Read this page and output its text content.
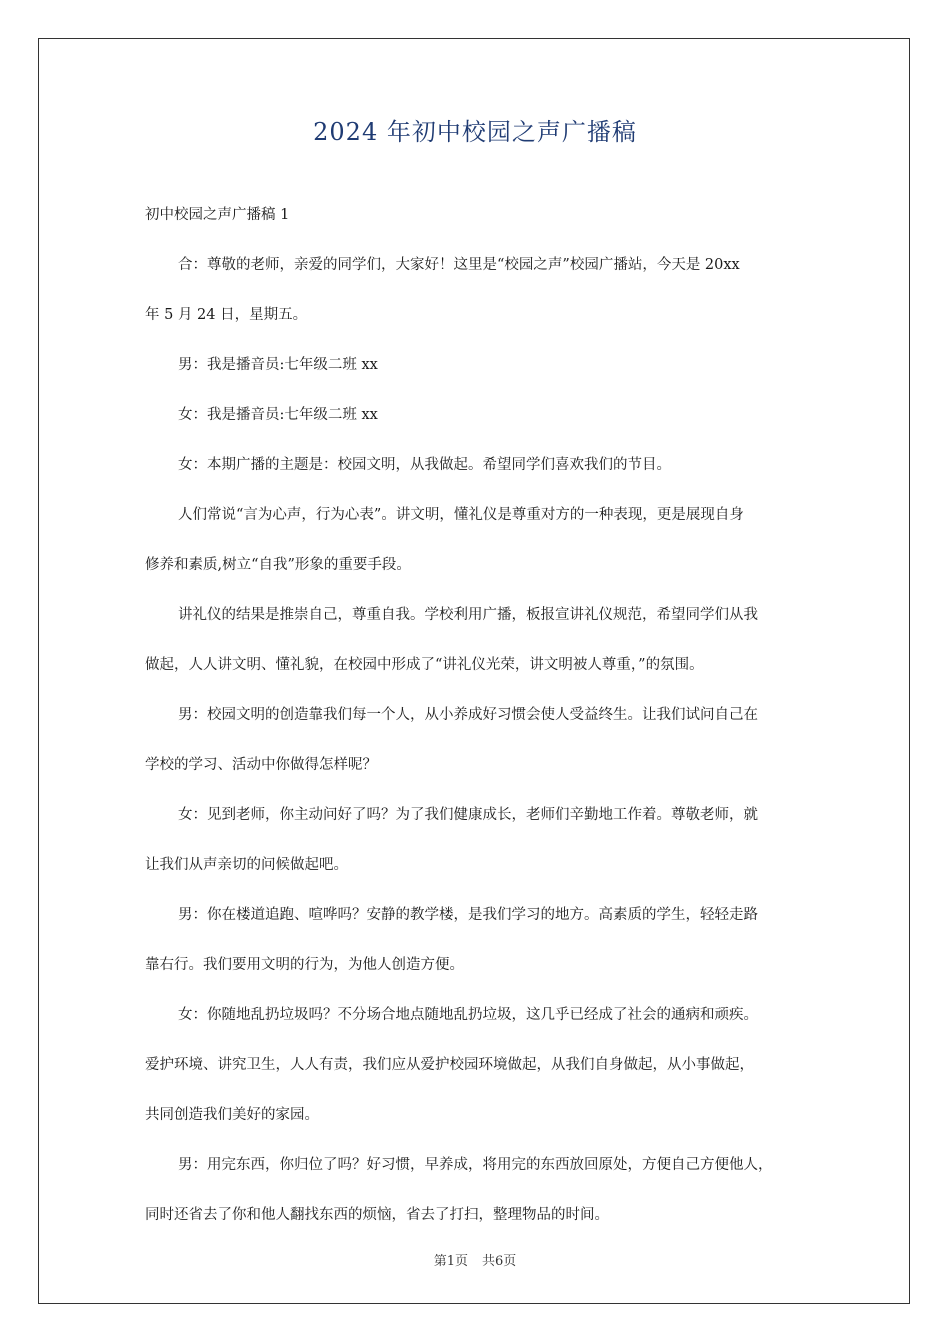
2024 年初中校园之声广播稿
初中校园之声广播稿 1
合：尊敬的老师，亲爱的同学们，大家好！这里是“校园之声”校园广播站，今天是 20xx
年 5 月 24 日，星期五。
男：我是播音员:七年级二班 xx
女：我是播音员:七年级二班 xx
女：本期广播的主题是：校园文明，从我做起。希望同学们喜欢我们的节目。
人们常说“言为心声，行为心表”。讲文明，懂礼仪是尊重对方的一种表现，更是展现自身
修养和素质,树立“自我”形象的重要手段。
讲礼仪的结果是推崇自己，尊重自我。学校利用广播，板报宣讲礼仪规范，希望同学们从我
做起，人人讲文明、懂礼貌，在校园中形成了“讲礼仪光荣，讲文明被人尊重，”的氛围。
男：校园文明的创造靠我们每一个人，从小养成好习惯会使人受益终生。让我们试问自己在
学校的学习、活动中你做得怎样呢？
女：见到老师，你主动问好了吗？为了我们健康成长，老师们辛勤地工作着。尊敬老师，就
让我们从声亲切的问候做起吧。
男：你在楼道追跑、喧哗吗？安静的教学楼，是我们学习的地方。高素质的学生，轻轻走路
靠右行。我们要用文明的行为，为他人创造方便。
女：你随地乱扔垃圾吗？不分场合地点随地乱扔垃圾，这几乎已经成了社会的通病和顽疾。
爱护环境、讲究卫生，人人有责，我们应从爱护校园环境做起，从我们自身做起，从小事做起，
共同创造我们美好的家园。
男：用完东西，你归位了吗？好习惯，早养成，将用完的东西放回原处，方便自己方便他人，
同时还省去了你和他人翻找东西的烦恼，省去了打扫，整理物品的时间。
第1页 共6页
